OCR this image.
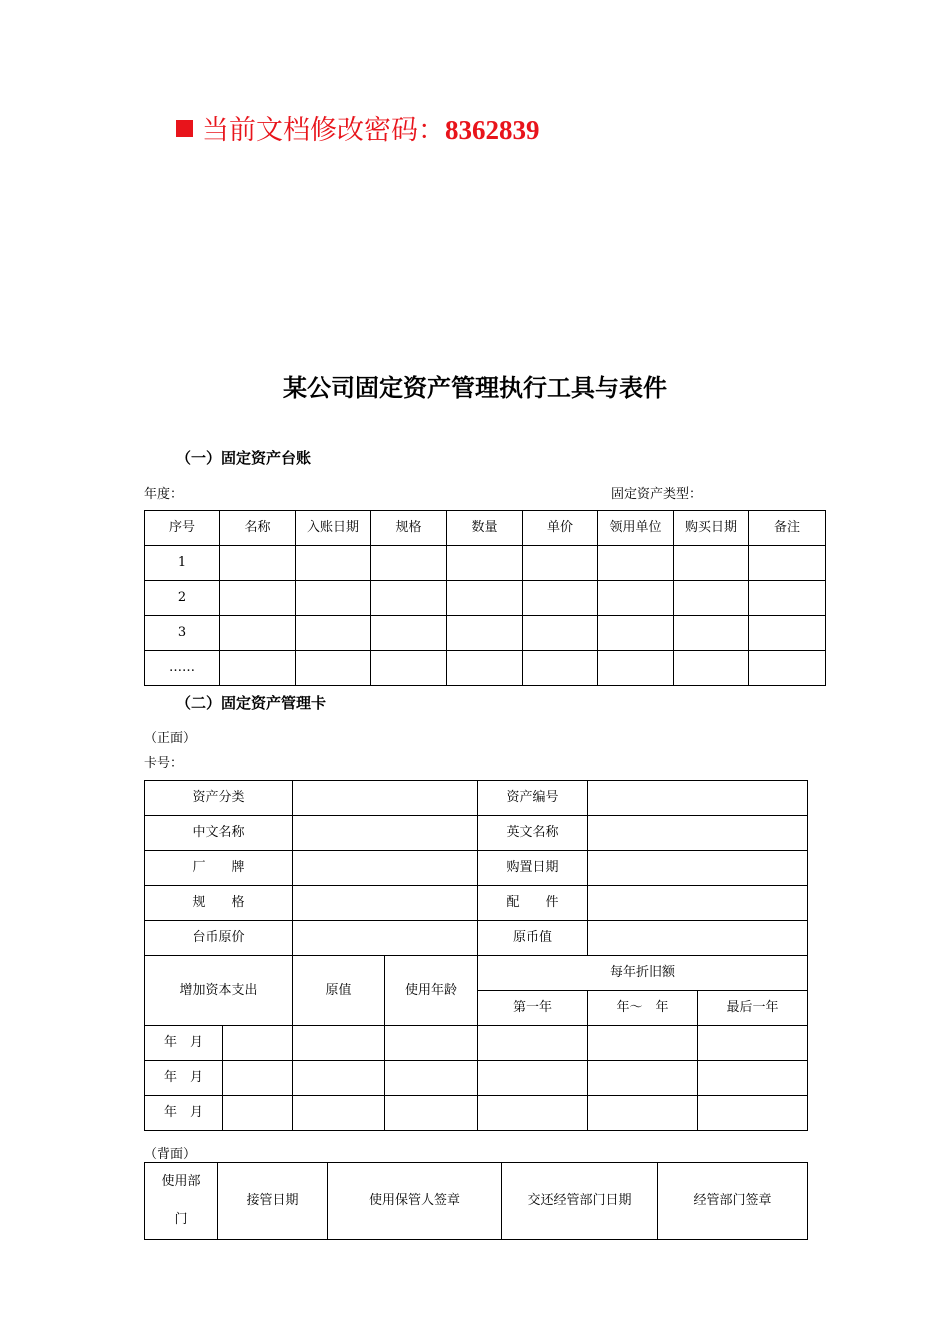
当前文档修改密码：8362839
某公司固定资产管理执行工具与表件
（一）固定资产台账
年度：	固定资产类型：
序号	名称	入账日期	规格	数量	单价	领用单位	购买日期	备注
1								
2								
3								
……								
（二）固定资产管理卡
（正面）
卡号：
资产分类				资产编号		
中文名称				英文名称		
厂　　牌				购置日期		
规　　格				配　　件		
台币原价				原币值		
增加资本支出		原值	使用年龄	每年折旧额		
				第一年	年～　年	最后一年
年　月						
年　月						
年　月						
（背面）
使用部门	接管日期	使用保管人签章	交还经管部门日期	经管部门签章
